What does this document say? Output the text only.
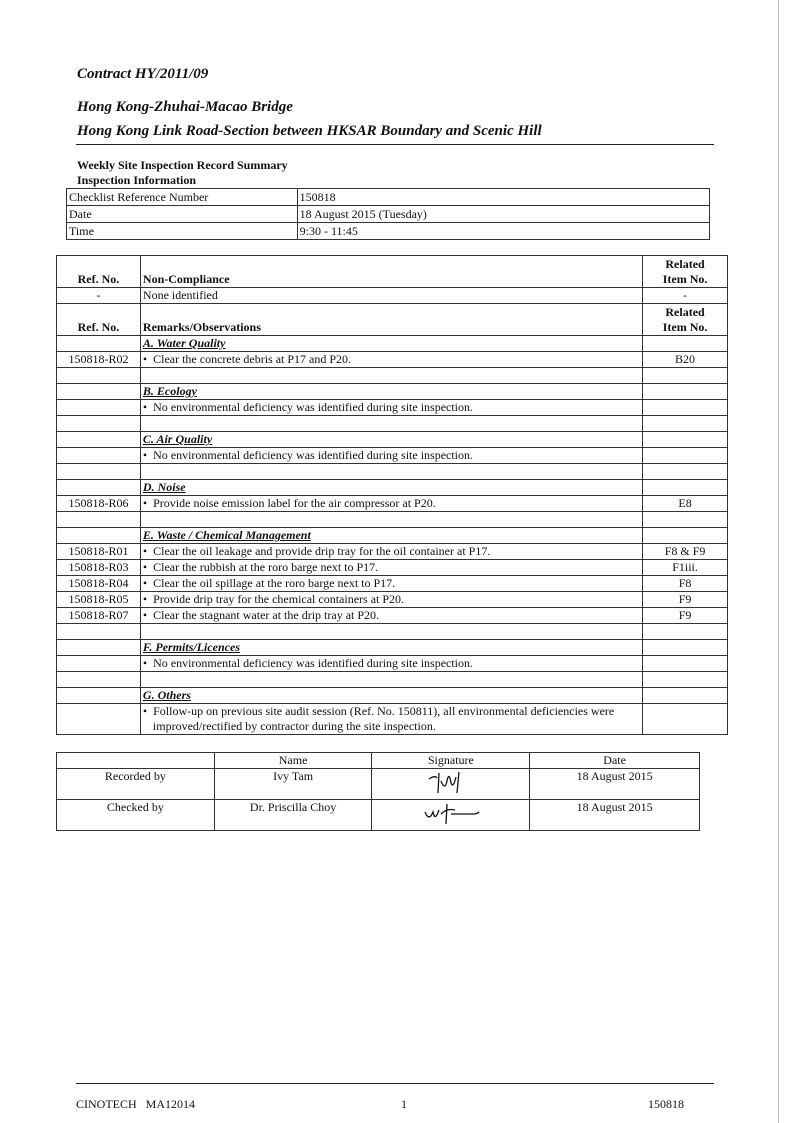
Contract HY/2011/09
Hong Kong-Zhuhai-Macao Bridge
Hong Kong Link Road-Section between HKSAR Boundary and Scenic Hill
Weekly Site Inspection Record Summary
Inspection Information
Checklist Reference Number	150818
Date	18 August 2015 (Tuesday)
Time	9:30 - 11:45
Ref. No.	Non-Compliance	Related
Item No.
-	None identified	-
Ref. No.	Remarks/Observations	Related
Item No.
	A. Water Quality	
150818-R02	•  Clear the concrete debris at P17 and P20.	B20

	B. Ecology	

	•  No environmental deficiency was identified during site inspection.

	C. Air Quality	

	•  No environmental deficiency was identified during site inspection.

	D. Noise	
150818-R06	•  Provide noise emission label for the air compressor at P20.	E8

	E. Waste / Chemical Management	
150818-R01	•  Clear the oil leakage and provide drip tray for the oil container at P17.	F8 & F9
150818-R03	•  Clear the rubbish at the roro barge next to P17.	F1iii.
150818-R04	•  Clear the oil spillage at the roro barge next to P17.	F8
150818-R05	•  Provide drip tray for the chemical containers at P20.	F9
150818-R07	•  Clear the stagnant water at the drip tray at P20.	F9

	F. Permits/Licences	

	•  No environmental deficiency was identified during site inspection.

	G. Others	

	•  Follow-up on previous site audit session (Ref. No. 150811), all environmental deficiencies were improved/rectified by contractor during the site inspection.

	Name	Signature	Date
Recorded by	Ivy Tam		18 August 2015
Checked by	Dr. Priscilla Choy		18 August 2015
CINOTECH   MA12014	1	150818
